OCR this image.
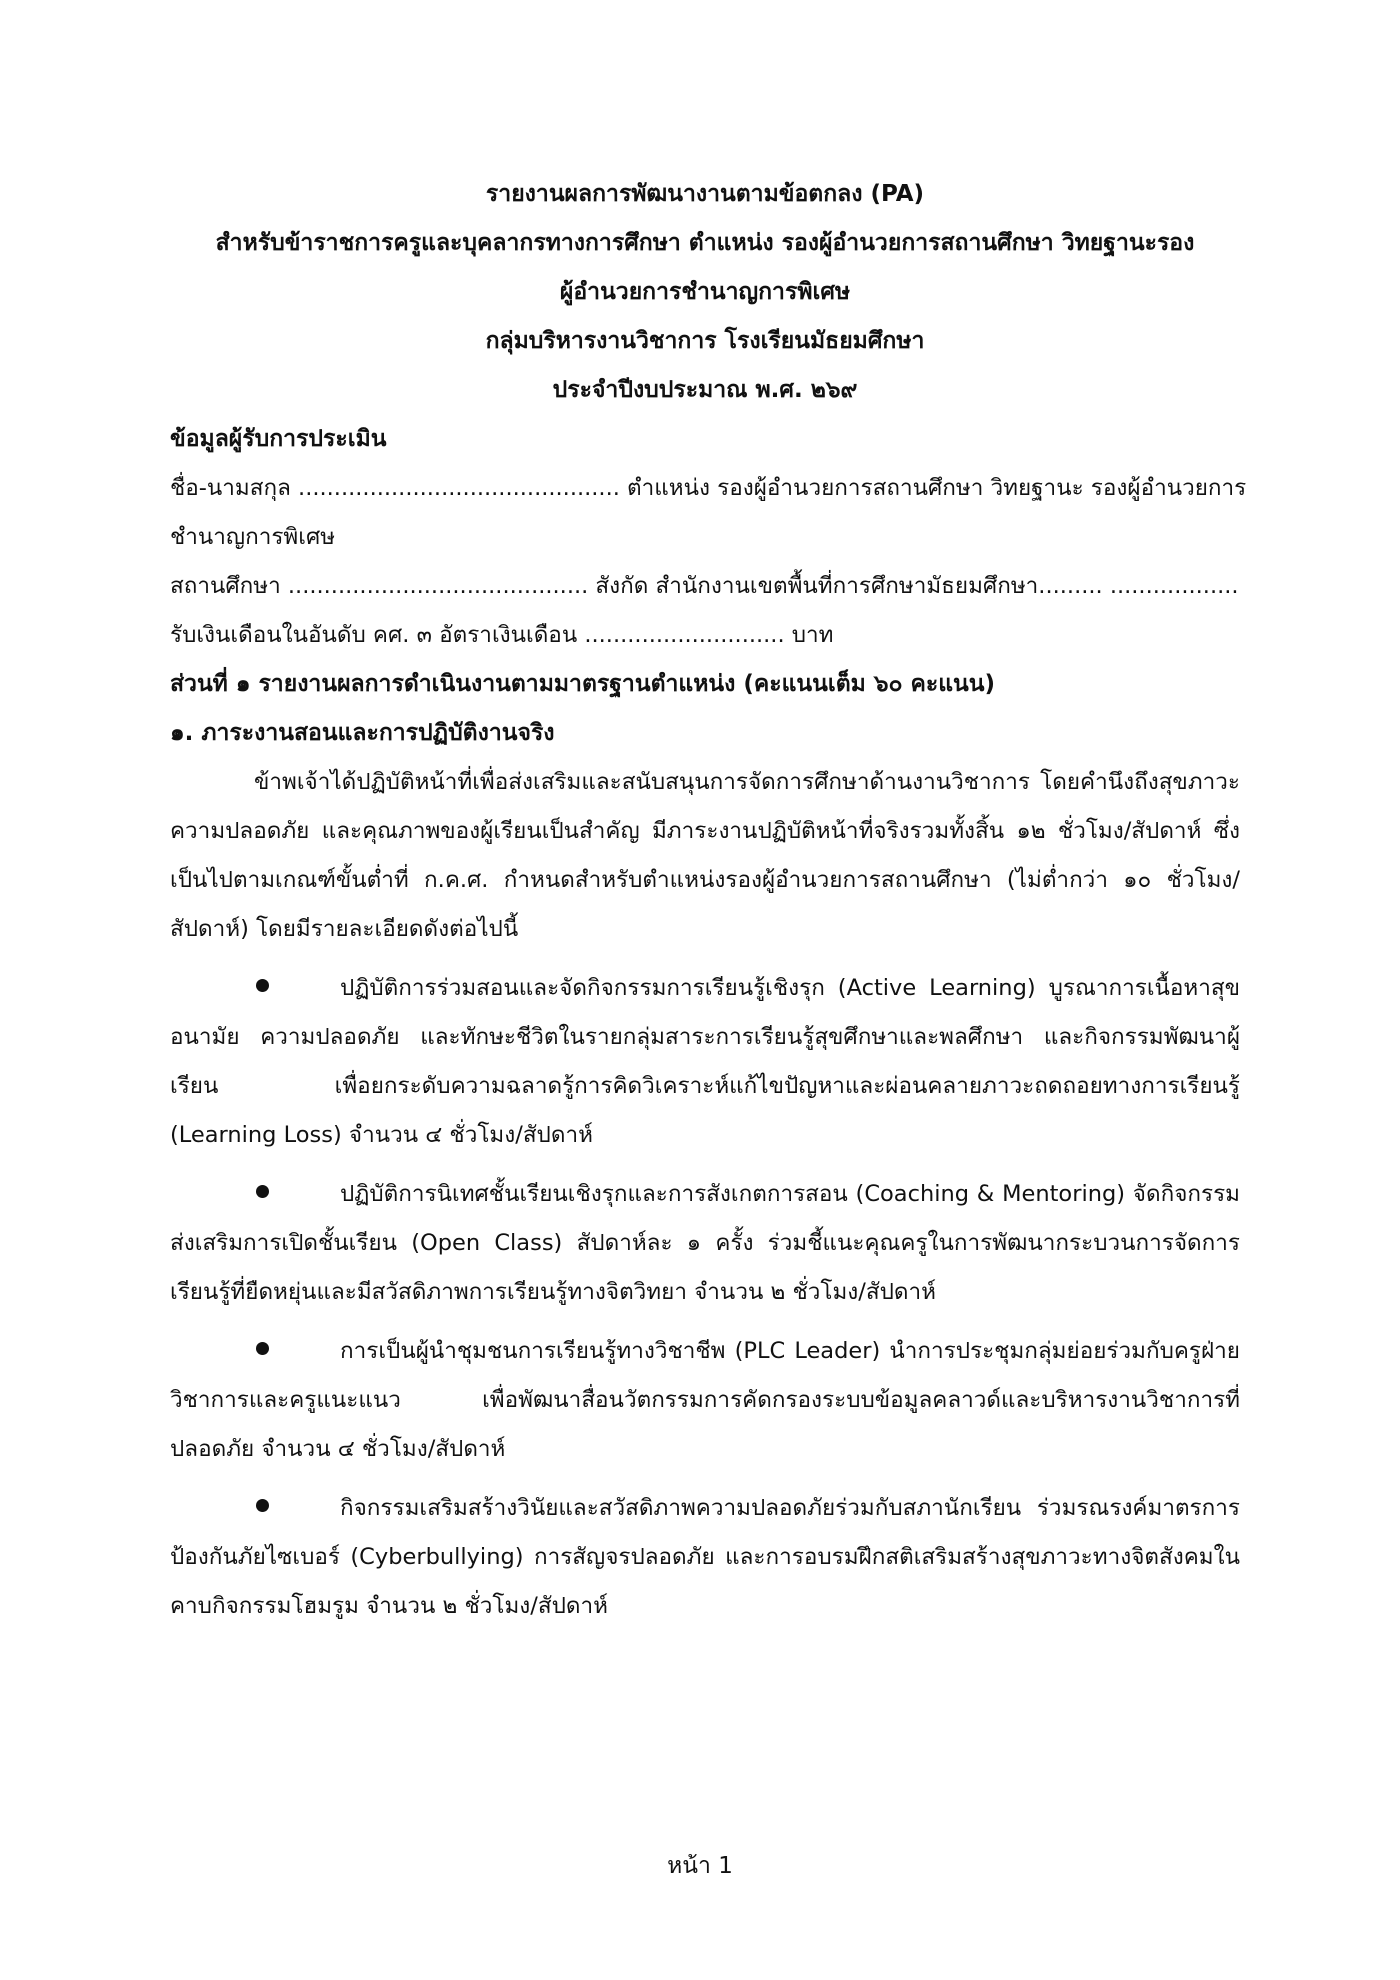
รายงานผลการพัฒนางานตามข้อตกลง (PA)
สำหรับข้าราชการครูและบุคลากรทางการศึกษา ตำแหน่ง รองผู้อำนวยการสถานศึกษา วิทยฐานะรอง
ผู้อำนวยการชำนาญการพิเศษ
กลุ่มบริหารงานวิชาการ โรงเรียนมัธยมศึกษา
ประจำปีงบประมาณ พ.ศ. ๒๖๙
ข้อมูลผู้รับการประเมิน
ชื่อ-นามสกุล ............................................. ตำแหน่ง รองผู้อำนวยการสถานศึกษา วิทยฐานะ รองผู้อำนวยการ
ชำนาญการพิเศษ
สถานศึกษา .......................................... สังกัด สำนักงานเขตพื้นที่การศึกษามัธยมศึกษา......... ..................
รับเงินเดือนในอันดับ คศ. ๓ อัตราเงินเดือน ............................ บาท
ส่วนที่ ๑ รายงานผลการดำเนินงานตามมาตรฐานตำแหน่ง (คะแนนเต็ม ๖๐ คะแนน)
๑. ภาระงานสอนและการปฏิบัติงานจริง

ข้าพเจ้าได้ปฏิบัติหน้าที่เพื่อส่งเสริมและสนับสนุนการจัดการศึกษาด้านงานวิชาการ โดยคำนึงถึงสุขภาวะ ความปลอดภัย และคุณภาพของผู้เรียนเป็นสำคัญ มีภาระงานปฏิบัติหน้าที่จริงรวมทั้งสิ้น ๑๒ ชั่วโมง/สัปดาห์ ซึ่งเป็นไปตามเกณฑ์ขั้นต่ำที่ ก.ค.ศ. กำหนดสำหรับตำแหน่งรองผู้อำนวยการสถานศึกษา (ไม่ต่ำกว่า ๑๐ ชั่วโมง/สัปดาห์) โดยมีรายละเอียดดังต่อไปนี้

ปฏิบัติการร่วมสอนและจัดกิจกรรมการเรียนรู้เชิงรุก (Active Learning) บูรณาการเนื้อหาสุขอนามัย ความปลอดภัย และทักษะชีวิตในรายกลุ่มสาระการเรียนรู้สุขศึกษาและพลศึกษา และกิจกรรมพัฒนาผู้เรียน เพื่อยกระดับความฉลาดรู้การคิดวิเคราะห์แก้ไขปัญหาและผ่อนคลายภาวะถดถอยทางการเรียนรู้ (Learning Loss) จำนวน ๔ ชั่วโมง/สัปดาห์
ปฏิบัติการนิเทศชั้นเรียนเชิงรุกและการสังเกตการสอน (Coaching & Mentoring) จัดกิจกรรมส่งเสริมการเปิดชั้นเรียน (Open Class) สัปดาห์ละ ๑ ครั้ง ร่วมชี้แนะคุณครูในการพัฒนากระบวนการจัดการเรียนรู้ที่ยืดหยุ่นและมีสวัสดิภาพการเรียนรู้ทางจิตวิทยา จำนวน ๒ ชั่วโมง/สัปดาห์
การเป็นผู้นำชุมชนการเรียนรู้ทางวิชาชีพ (PLC Leader) นำการประชุมกลุ่มย่อยร่วมกับครูฝ่ายวิชาการและครูแนะแนว เพื่อพัฒนาสื่อนวัตกรรมการคัดกรองระบบข้อมูลคลาวด์และบริหารงานวิชาการที่ปลอดภัย จำนวน ๔ ชั่วโมง/สัปดาห์
กิจกรรมเสริมสร้างวินัยและสวัสดิภาพความปลอดภัยร่วมกับสภานักเรียน ร่วมรณรงค์มาตรการป้องกันภัยไซเบอร์ (Cyberbullying) การสัญจรปลอดภัย และการอบรมฝึกสติเสริมสร้างสุขภาวะทางจิตสังคมในคาบกิจกรรมโฮมรูม จำนวน ๒ ชั่วโมง/สัปดาห์
หน้า 1
